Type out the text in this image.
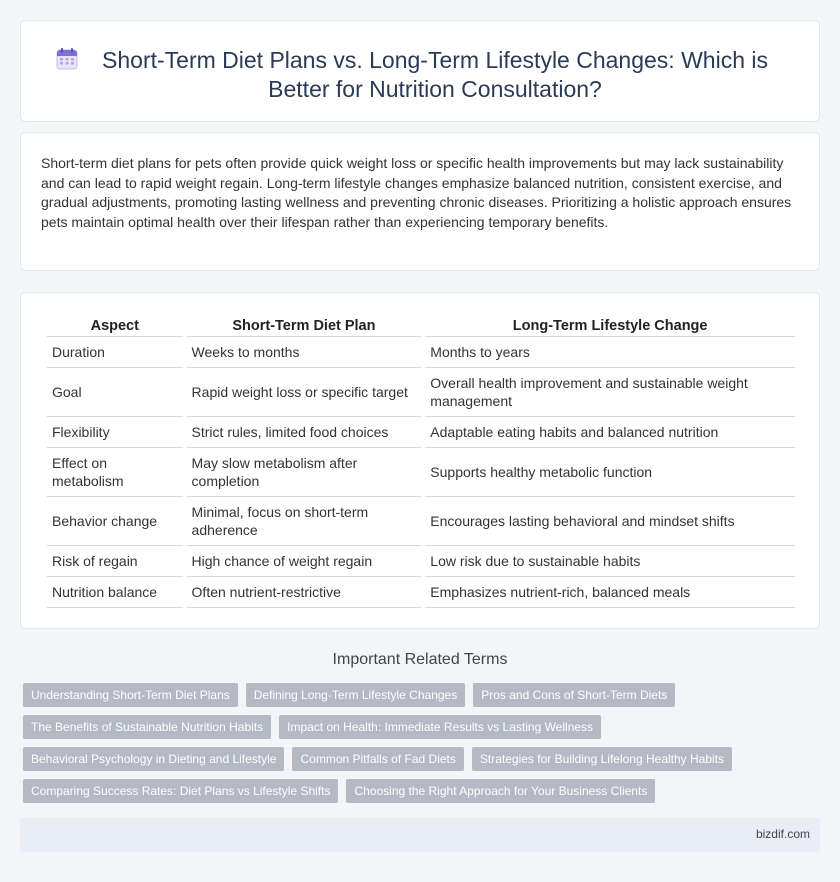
Short-Term Diet Plans vs. Long-Term Lifestyle Changes: Which is Better for Nutrition Consultation?

Short-term diet plans for pets often provide quick weight loss or specific health improvements but may lack sustainability and can lead to rapid weight regain. Long-term lifestyle changes emphasize balanced nutrition, consistent exercise, and gradual adjustments, promoting lasting wellness and preventing chronic diseases. Prioritizing a holistic approach ensures pets maintain optimal health over their lifespan rather than experiencing temporary benefits.

Aspect	Short-Term Diet Plan	Long-Term Lifestyle Change
Duration	Weeks to months	Months to years
Goal	Rapid weight loss or specific target	Overall health improvement and sustainable weight management
Flexibility	Strict rules, limited food choices	Adaptable eating habits and balanced nutrition
Effect on metabolism	May slow metabolism after completion	Supports healthy metabolic function
Behavior change	Minimal, focus on short-term adherence	Encourages lasting behavioral and mindset shifts
Risk of regain	High chance of weight regain	Low risk due to sustainable habits
Nutrition balance	Often nutrient-restrictive	Emphasizes nutrient-rich, balanced meals
Important Related Terms
Understanding Short-Term Diet Plans	Defining Long-Term Lifestyle Changes	Pros and Cons of Short-Term Diets
The Benefits of Sustainable Nutrition Habits	Impact on Health: Immediate Results vs Lasting Wellness
Behavioral Psychology in Dieting and Lifestyle	Common Pitfalls of Fad Diets	Strategies for Building Lifelong Healthy Habits
Comparing Success Rates: Diet Plans vs Lifestyle Shifts	Choosing the Right Approach for Your Business Clients
bizdif.com
